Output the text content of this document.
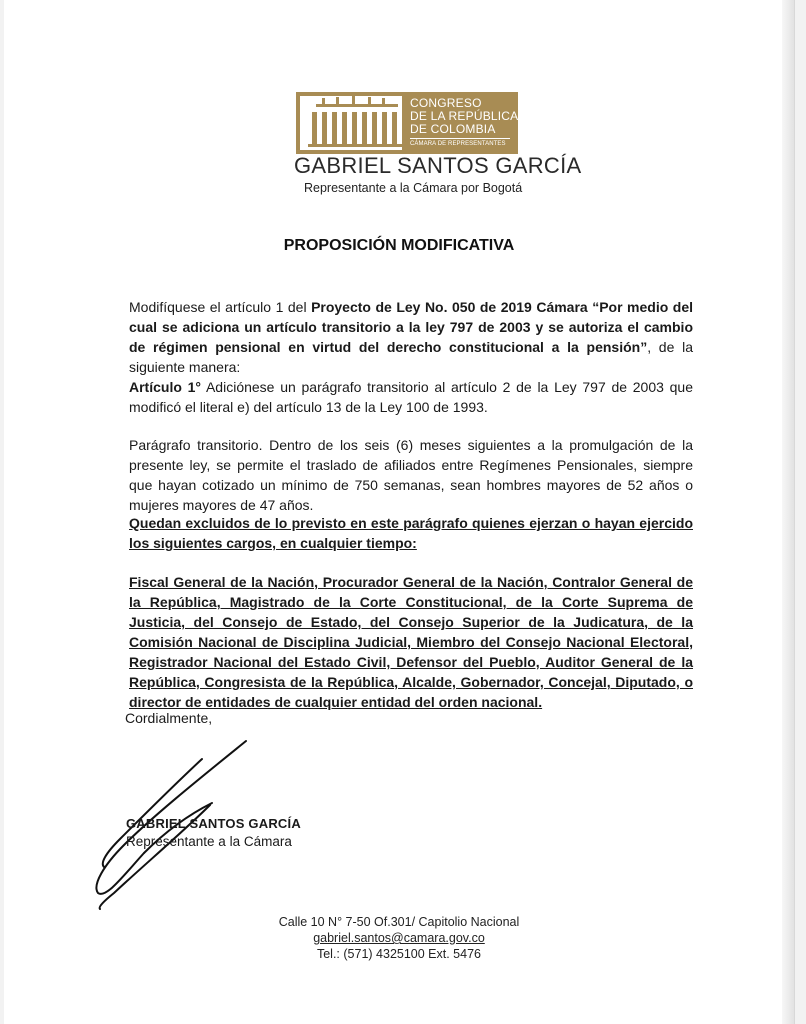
CONGRESO
DE LA REPÚBLICA
DE COLOMBIA
CÁMARA DE REPRESENTANTES
GABRIEL SANTOS GARCÍA
Representante a la Cámara por Bogotá
PROPOSICIÓN MODIFICATIVA
Modifíquese el artículo 1 del Proyecto de Ley No. 050 de 2019 Cámara “Por medio del cual se adiciona un artículo transitorio a la ley 797 de 2003 y se autoriza el cambio de régimen pensional en virtud del derecho constitucional a la pensión”, de la siguiente manera:
Artículo 1° Adiciónese un parágrafo transitorio al artículo 2 de la Ley 797 de 2003 que modificó el literal e) del artículo 13 de la Ley 100 de 1993.
Parágrafo transitorio. Dentro de los seis (6) meses siguientes a la promulgación de la presente ley, se permite el traslado de afiliados entre Regímenes Pensionales, siempre que hayan cotizado un mínimo de 750 semanas, sean hombres mayores de 52 años o mujeres mayores de 47 años.
Quedan excluidos de lo previsto en este parágrafo quienes ejerzan o hayan ejercido los siguientes cargos, en cualquier tiempo:
Fiscal General de la Nación, Procurador General de la Nación, Contralor General de la República, Magistrado de la Corte Constitucional, de la Corte Suprema de Justicia, del Consejo de Estado, del Consejo Superior de la Judicatura, de la Comisión Nacional de Disciplina Judicial, Miembro del Consejo Nacional Electoral, Registrador Nacional del Estado Civil, Defensor del Pueblo, Auditor General de la República, Congresista de la República, Alcalde, Gobernador, Concejal, Diputado, o director de entidades de cualquier entidad del orden nacional.
Cordialmente,
GABRIEL SANTOS GARCÍA
Representante a la Cámara
Calle 10 N° 7-50 Of.301/ Capitolio Nacional
gabriel.santos@camara.gov.co
Tel.: (571) 4325100 Ext. 5476
